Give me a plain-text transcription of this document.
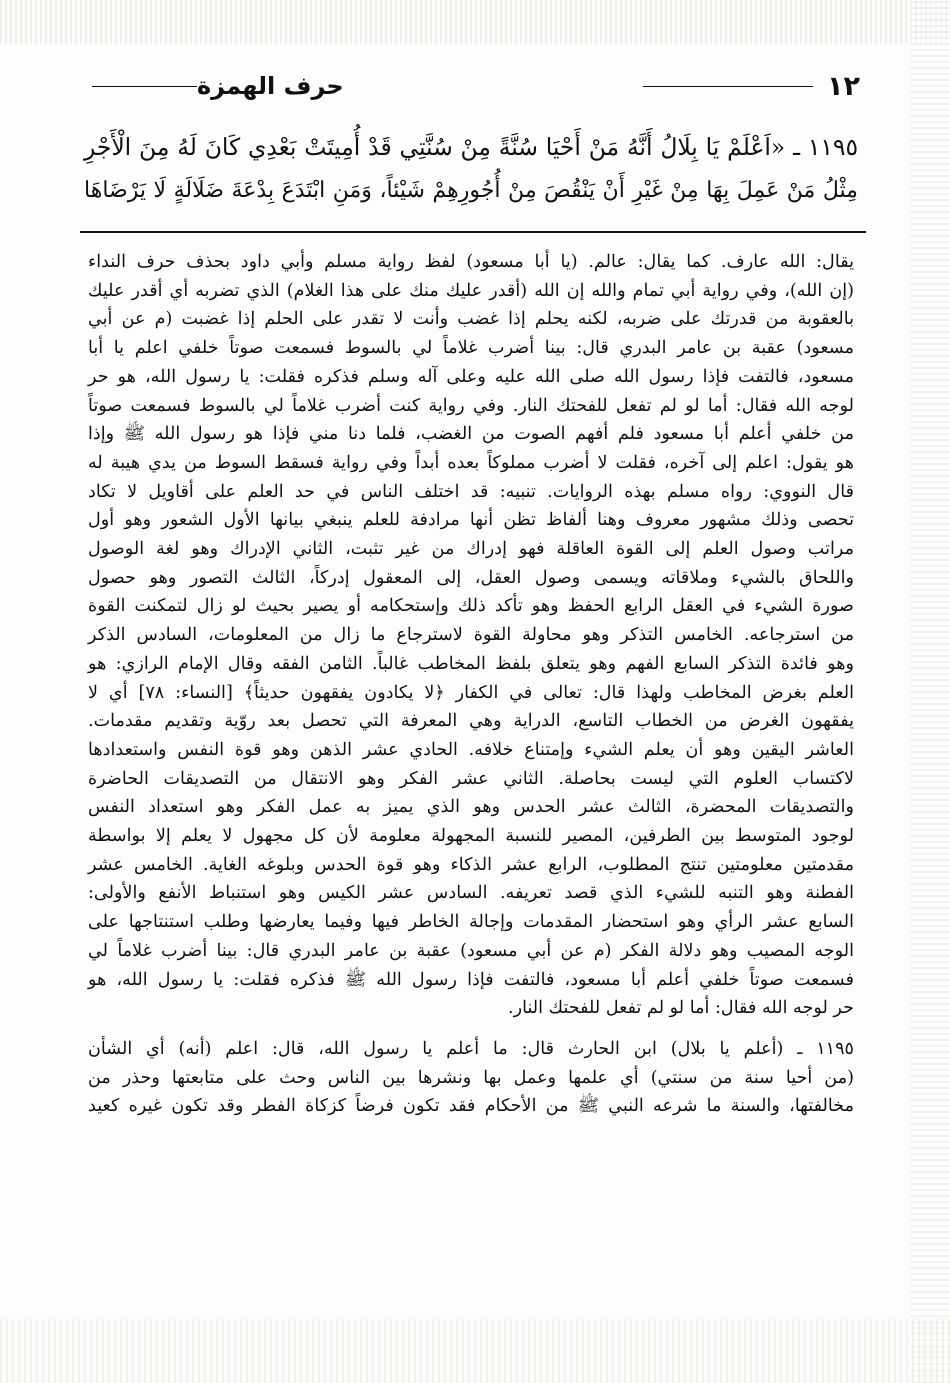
١٢
حرف الهمزة
١١٩٥ ـ «اَعْلَمْ يَا بِلَالُ أَنَّهُ مَنْ أَحْيَا سُنَّةً مِنْ سُنَّتِي قَدْ أُمِيتَتْ بَعْدِي كَانَ لَهُ مِنَ الْأَجْرِ
مِثْلُ مَنْ عَمِلَ بِهَا مِنْ غَيْرِ أَنْ يَنْقُصَ مِنْ أُجُورِهِمْ شَيْئاً، وَمَنِ ابْتَدَعَ بِدْعَةَ ضَلَالَةٍ لَا يَرْضَاهَا
يقال: الله عارف. كما يقال: عالم. (يا أبا مسعود) لفظ رواية مسلم وأبي داود بحذف حرف النداء
(إن الله)، وفي رواية أبي تمام والله إن الله (أقدر عليك منك على هذا الغلام) الذي تضربه أي أقدر عليك
بالعقوبة من قدرتك على ضربه، لكنه يحلم إذا غضب وأنت لا تقدر على الحلم إذا غضبت (م عن أبي
مسعود) عقبة بن عامر البدري قال: بينا أضرب غلاماً لي بالسوط فسمعت صوتاً خلفي اعلم يا أبا
مسعود، فالتفت فإذا رسول الله صلى الله عليه وعلى آله وسلم فذكره فقلت: يا رسول الله، هو حر
لوجه الله فقال: أما لو لم تفعل للفحتك النار. وفي رواية كنت أضرب غلاماً لي بالسوط فسمعت صوتاً
من خلفي أعلم أبا مسعود فلم أفهم الصوت من الغضب، فلما دنا مني فإذا هو رسول الله ﷺ وإذا
هو يقول: اعلم إلى آخره، فقلت لا أضرب مملوكاً بعده أبداً وفي رواية فسقط السوط من يدي هيبة له
قال النووي: رواه مسلم بهذه الروايات. تنبيه: قد اختلف الناس في حد العلم على أقاويل لا تكاد
تحصى وذلك مشهور معروف وهنا ألفاظ تظن أنها مرادفة للعلم ينبغي بيانها الأول الشعور وهو أول
مراتب وصول العلم إلى القوة العاقلة فهو إدراك من غير تثبت، الثاني الإدراك وهو لغة الوصول
واللحاق بالشيء وملاقاته ويسمى وصول العقل، إلى المعقول إدركاً، الثالث التصور وهو حصول
صورة الشيء في العقل الرابع الحفظ وهو تأكد ذلك وإستحكامه أو يصير بحيث لو زال لتمكنت القوة
من استرجاعه. الخامس التذكر وهو محاولة القوة لاسترجاع ما زال من المعلومات، السادس الذكر
وهو فائدة التذكر السابع الفهم وهو يتعلق بلفظ المخاطب غالباً. الثامن الفقه وقال الإمام الرازي: هو
العلم بغرض المخاطب ولهذا قال: تعالى في الكفار ﴿لا يكادون يفقهون حديثاً﴾ [النساء: ٧٨] أي لا
يفقهون الغرض من الخطاب التاسع، الدراية وهي المعرفة التي تحصل بعد روّية وتقديم مقدمات.
العاشر اليقين وهو أن يعلم الشيء وإمتناع خلافه. الحادي عشر الذهن وهو قوة النفس واستعدادها
لاكتساب العلوم التي ليست بحاصلة. الثاني عشر الفكر وهو الانتقال من التصديقات الحاضرة
والتصديقات المحضرة، الثالث عشر الحدس وهو الذي يميز به عمل الفكر وهو استعداد النفس
لوجود المتوسط بين الطرفين، المصير للنسبة المجهولة معلومة لأن كل مجهول لا يعلم إلا بواسطة
مقدمتين معلومتين تنتج المطلوب، الرابع عشر الذكاء وهو قوة الحدس وبلوغه الغاية. الخامس عشر
الفطنة وهو التنبه للشيء الذي قصد تعريفه. السادس عشر الكيس وهو استنباط الأنفع والأولى:
السابع عشر الرأي وهو استحضار المقدمات وإجالة الخاطر فيها وفيما يعارضها وطلب استنتاجها على
الوجه المصيب وهو دلالة الفكر (م عن أبي مسعود) عقبة بن عامر البدري قال: بينا أضرب غلاماً لي
فسمعت صوتاً خلفي أعلم أبا مسعود، فالتفت فإذا رسول الله ﷺ فذكره فقلت: يا رسول الله، هو
حر لوجه الله فقال: أما لو لم تفعل للفحتك النار.
١١٩٥ ـ (أعلم يا بلال) ابن الحارث قال: ما أعلم يا رسول الله، قال: اعلم (أنه) أي الشأن
(من أحيا سنة من سنتي) أي علمها وعمل بها ونشرها بين الناس وحث على متابعتها وحذر من
مخالفتها، والسنة ما شرعه النبي ﷺ من الأحكام فقد تكون فرضاً كزكاة الفطر وقد تكون غيره كعيد
